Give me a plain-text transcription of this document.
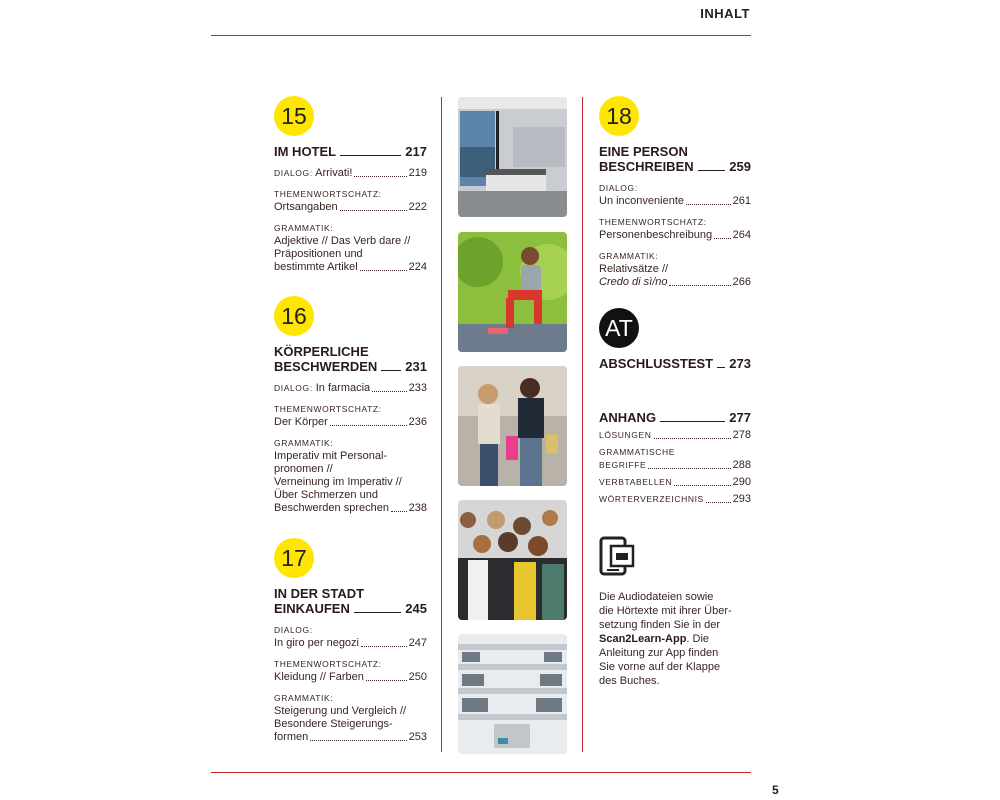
INHALT
5
15
IM HOTEL	217
DIALOG: Arrivati!	219
THEMENWORTSCHATZ:
Ortsangaben	222
GRAMMATIK:
Adjektive // Das Verb dare //
Präpositionen und
bestimmte Artikel	224
16
KÖRPERLICHE
BESCHWERDEN 231
DIALOG: In farmacia	233
THEMENWORTSCHATZ:
Der Körper	236
GRAMMATIK:
Imperativ mit Personal-
pronomen //
Verneinung im Imperativ //
Über Schmerzen und
Beschwerden sprechen 238
17
IN DER STADT
EINKAUFEN	245
DIALOG:
In giro per negozi	247
THEMENWORTSCHATZ:
Kleidung // Farben	250
GRAMMATIK:
Steigerung und Vergleich //
Besondere Steigerungs-
formen	253
18
EINE PERSON
BESCHREIBEN	259
DIALOG:
Un inconveniente	261
THEMENWORTSCHATZ:
Personenbeschreibung 264
GRAMMATIK:
Relativsätze //
Credo di sì/no	266
AT
ABSCHLUSSTEST 273
ANHANG	277
LÖSUNGEN	278
GRAMMATISCHE
BEGRIFFE	288
VERBTABELLEN	290
WÖRTERVERZEICHNIS	293
Die Audiodateien sowie
die Hörtexte mit ihrer Über-
setzung finden Sie in der
Scan2Learn-App. Die
Anleitung zur App finden
Sie vorne auf der Klappe
des Buches.
